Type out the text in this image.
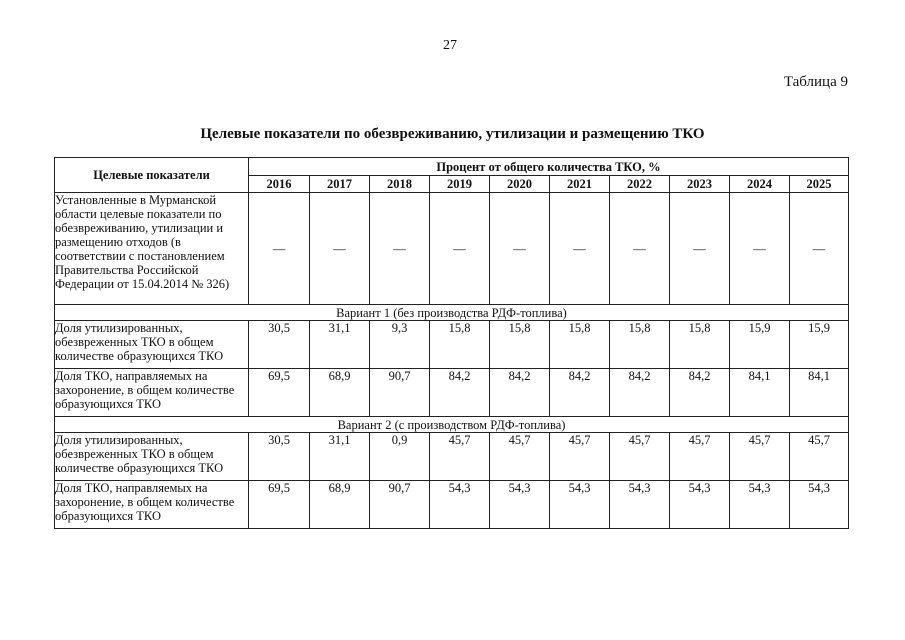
27
Таблица 9
Целевые показатели по обезвреживанию, утилизации и размещению ТКО
Целевые показатели	Процент от общего количества ТКО, %									
	2016	2017	2018	2019	2020	2021	2022	2023	2024	2025
Установленные в Мурманской области целевые показатели по обезвреживанию, утилизации и размещению отходов (в соответствии с постановлением Правительства Российской Федерации от 15.04.2014 № 326)	—	—	—	—	—	—	—	—	—	—
Вариант 1 (без производства РДФ-топлива)										
Доля утилизированных, обезвреженных ТКО в общем количестве образующихся ТКО	30,5	31,1	9,3	15,8	15,8	15,8	15,8	15,8	15,9	15,9
Доля ТКО, направляемых на захоронение, в общем количестве образующихся ТКО	69,5	68,9	90,7	84,2	84,2	84,2	84,2	84,2	84,1	84,1
Вариант 2 (с производством РДФ-топлива)										
Доля утилизированных, обезвреженных ТКО в общем количестве образующихся ТКО	30,5	31,1	0,9	45,7	45,7	45,7	45,7	45,7	45,7	45,7
Доля ТКО, направляемых на захоронение, в общем количестве образующихся ТКО	69,5	68,9	90,7	54,3	54,3	54,3	54,3	54,3	54,3	54,3
